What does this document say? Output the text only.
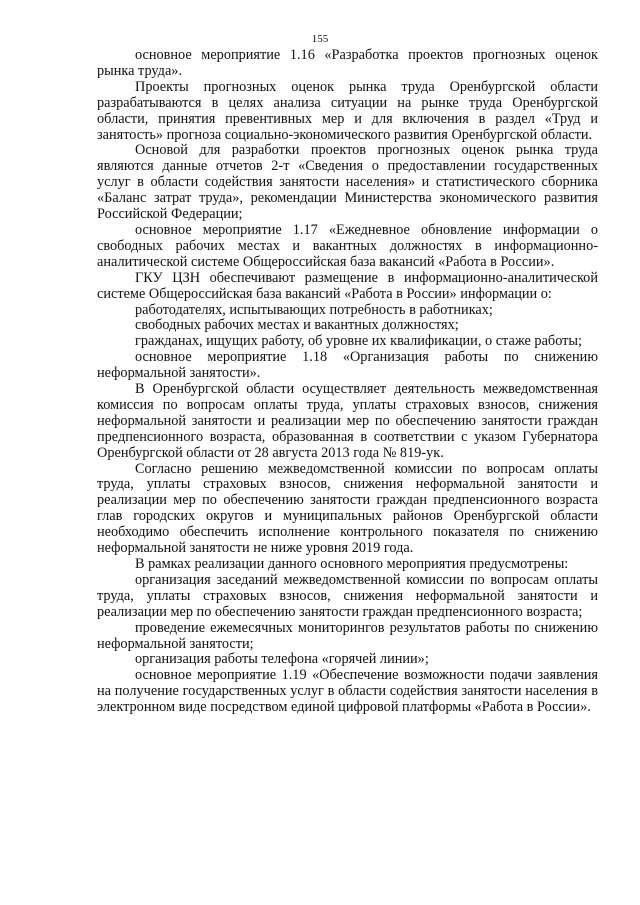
155

основное мероприятие 1.16 «Разработка проектов прогнозных оценок рынка труда».

Проекты прогнозных оценок рынка труда Оренбургской области разрабатываются в целях анализа ситуации на рынке труда Оренбургской области, принятия превентивных мер и для включения в раздел «Труд и занятость» прогноза социально-экономического развития Оренбургской области.

Основой для разработки проектов прогнозных оценок рынка труда являются данные отчетов 2-т «Сведения о предоставлении государственных услуг в области содействия занятости населения» и статистического сборника «Баланс затрат труда», рекомендации Министерства экономического развития Российской Федерации;

основное мероприятие 1.17 «Ежедневное обновление информации о свободных рабочих местах и вакантных должностях в информационно-аналитической системе Общероссийская база вакансий «Работа в России».

ГКУ ЦЗН обеспечивают размещение в информационно-аналитической системе Общероссийская база вакансий «Работа в России» информации о:

работодателях, испытывающих потребность в работниках;

свободных рабочих местах и вакантных должностях;

гражданах, ищущих работу, об уровне их квалификации, о стаже работы;

основное мероприятие 1.18 «Организация работы по снижению неформальной занятости».

В Оренбургской области осуществляет деятельность межведомственная комиссия по вопросам оплаты труда, уплаты страховых взносов, снижения неформальной занятости и реализации мер по обеспечению занятости граждан предпенсионного возраста, образованная в соответствии с указом Губернатора Оренбургской области от 28 августа 2013 года № 819-ук.

Согласно решению межведомственной комиссии по вопросам оплаты труда, уплаты страховых взносов, снижения неформальной занятости и реализации мер по обеспечению занятости граждан предпенсионного возраста глав городских округов и муниципальных районов Оренбургской области необходимо обеспечить исполнение контрольного показателя по снижению неформальной занятости не ниже уровня 2019 года.

В рамках реализации данного основного мероприятия предусмотрены:

организация заседаний межведомственной комиссии по вопросам оплаты труда, уплаты страховых взносов, снижения неформальной занятости и реализации мер по обеспечению занятости граждан предпенсионного возраста;

проведение ежемесячных мониторингов результатов работы по снижению неформальной занятости;

организация работы телефона «горячей линии»;

основное мероприятие 1.19 «Обеспечение возможности подачи заявления на получение государственных услуг в области содействия занятости населения в электронном виде посредством единой цифровой платформы «Работа в России».
